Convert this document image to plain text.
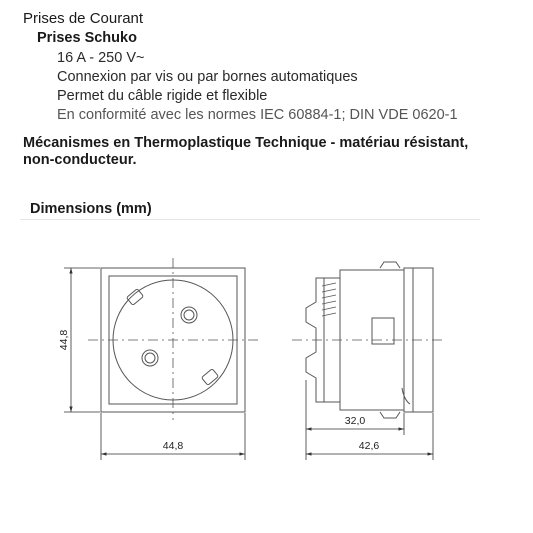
Prises de Courant
Prises Schuko
16 A - 250 V~
Connexion par vis ou par bornes automatiques
Permet du câble rigide et flexible
En conformité avec les normes IEC 60884-1; DIN VDE 0620-1
Mécanismes en Thermoplastique Technique - matériau résistant,
non-conducteur.
Dimensions (mm)
44,8
44,8
32,0
42,6
